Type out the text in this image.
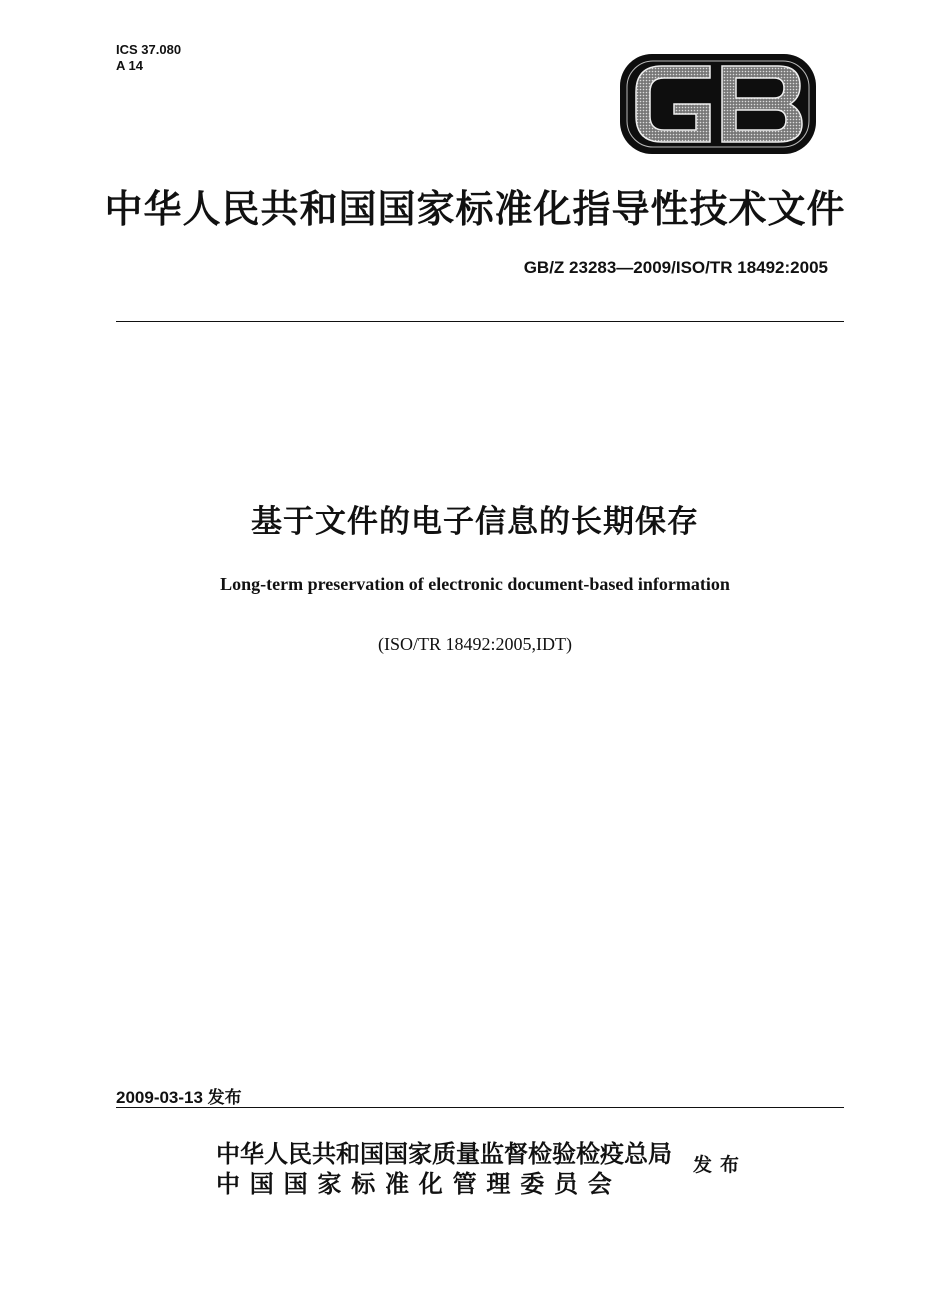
ICS 37.080
A 14
中华人民共和国国家标准化指导性技术文件
GB/Z 23283—2009/ISO/TR 18492:2005
基于文件的电子信息的长期保存
Long-term preservation of electronic document-based information
(ISO/TR 18492:2005,IDT)
2009-03-13 发布
中华人民共和国国家质量监督检验检疫总局
中国国家标准化管理委员会
发布
